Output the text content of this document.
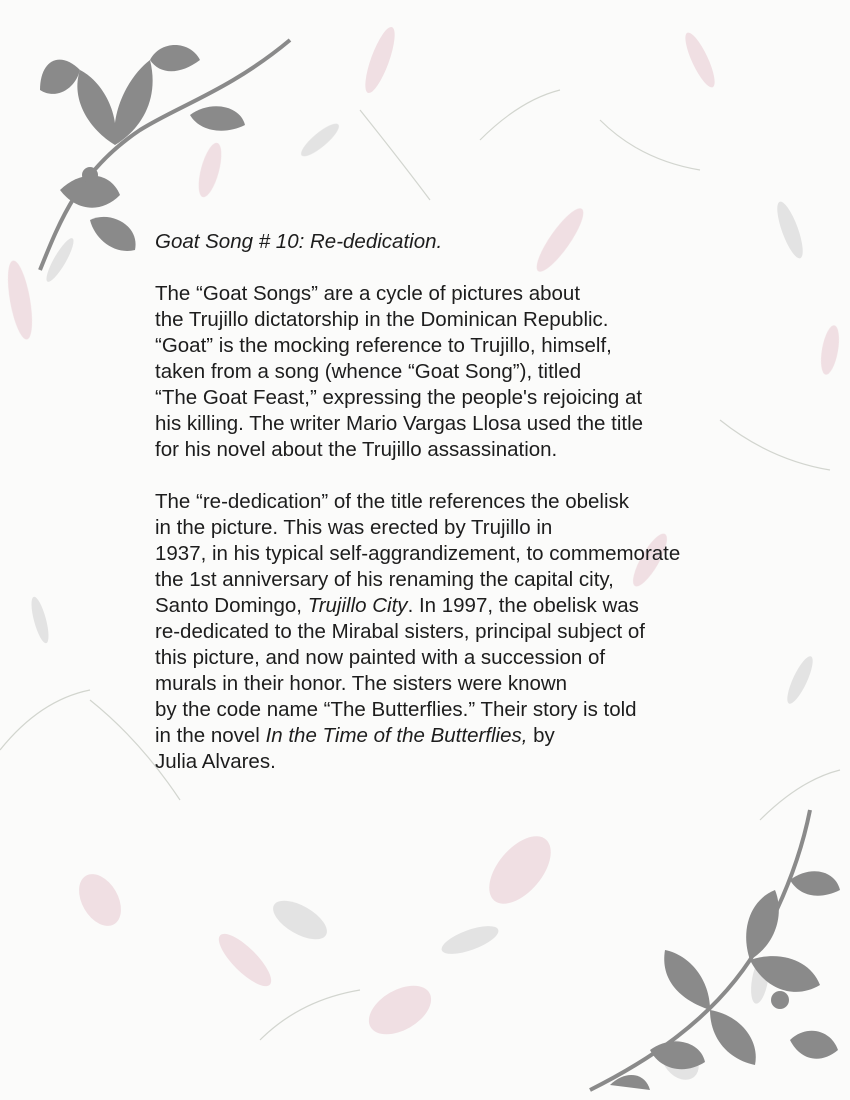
Goat Song # 10: Re-dedication.

The “Goat Songs” are a cycle of pictures about
the Trujillo dictatorship in the Dominican Republic.
“Goat” is the mocking reference to Trujillo, himself,
taken from a song (whence “Goat Song”), titled
“The Goat Feast,” expressing the people's rejoicing at
his killing. The writer Mario Vargas Llosa used the title
for his novel about the Trujillo assassination.

The “re-dedication” of the title references the obelisk
in the picture. This was erected by Trujillo in
1937, in his typical self-aggrandizement, to commemorate
the 1st anniversary of his renaming the capital city,
Santo Domingo, Trujillo City. In 1997, the obelisk was
re-dedicated to the Mirabal sisters, principal subject of
this picture, and now painted with a succession of
murals in their honor. The sisters were known
by the code name “The Butterflies.” Their story is told
in the novel In the Time of the Butterflies, by
Julia Alvares.
